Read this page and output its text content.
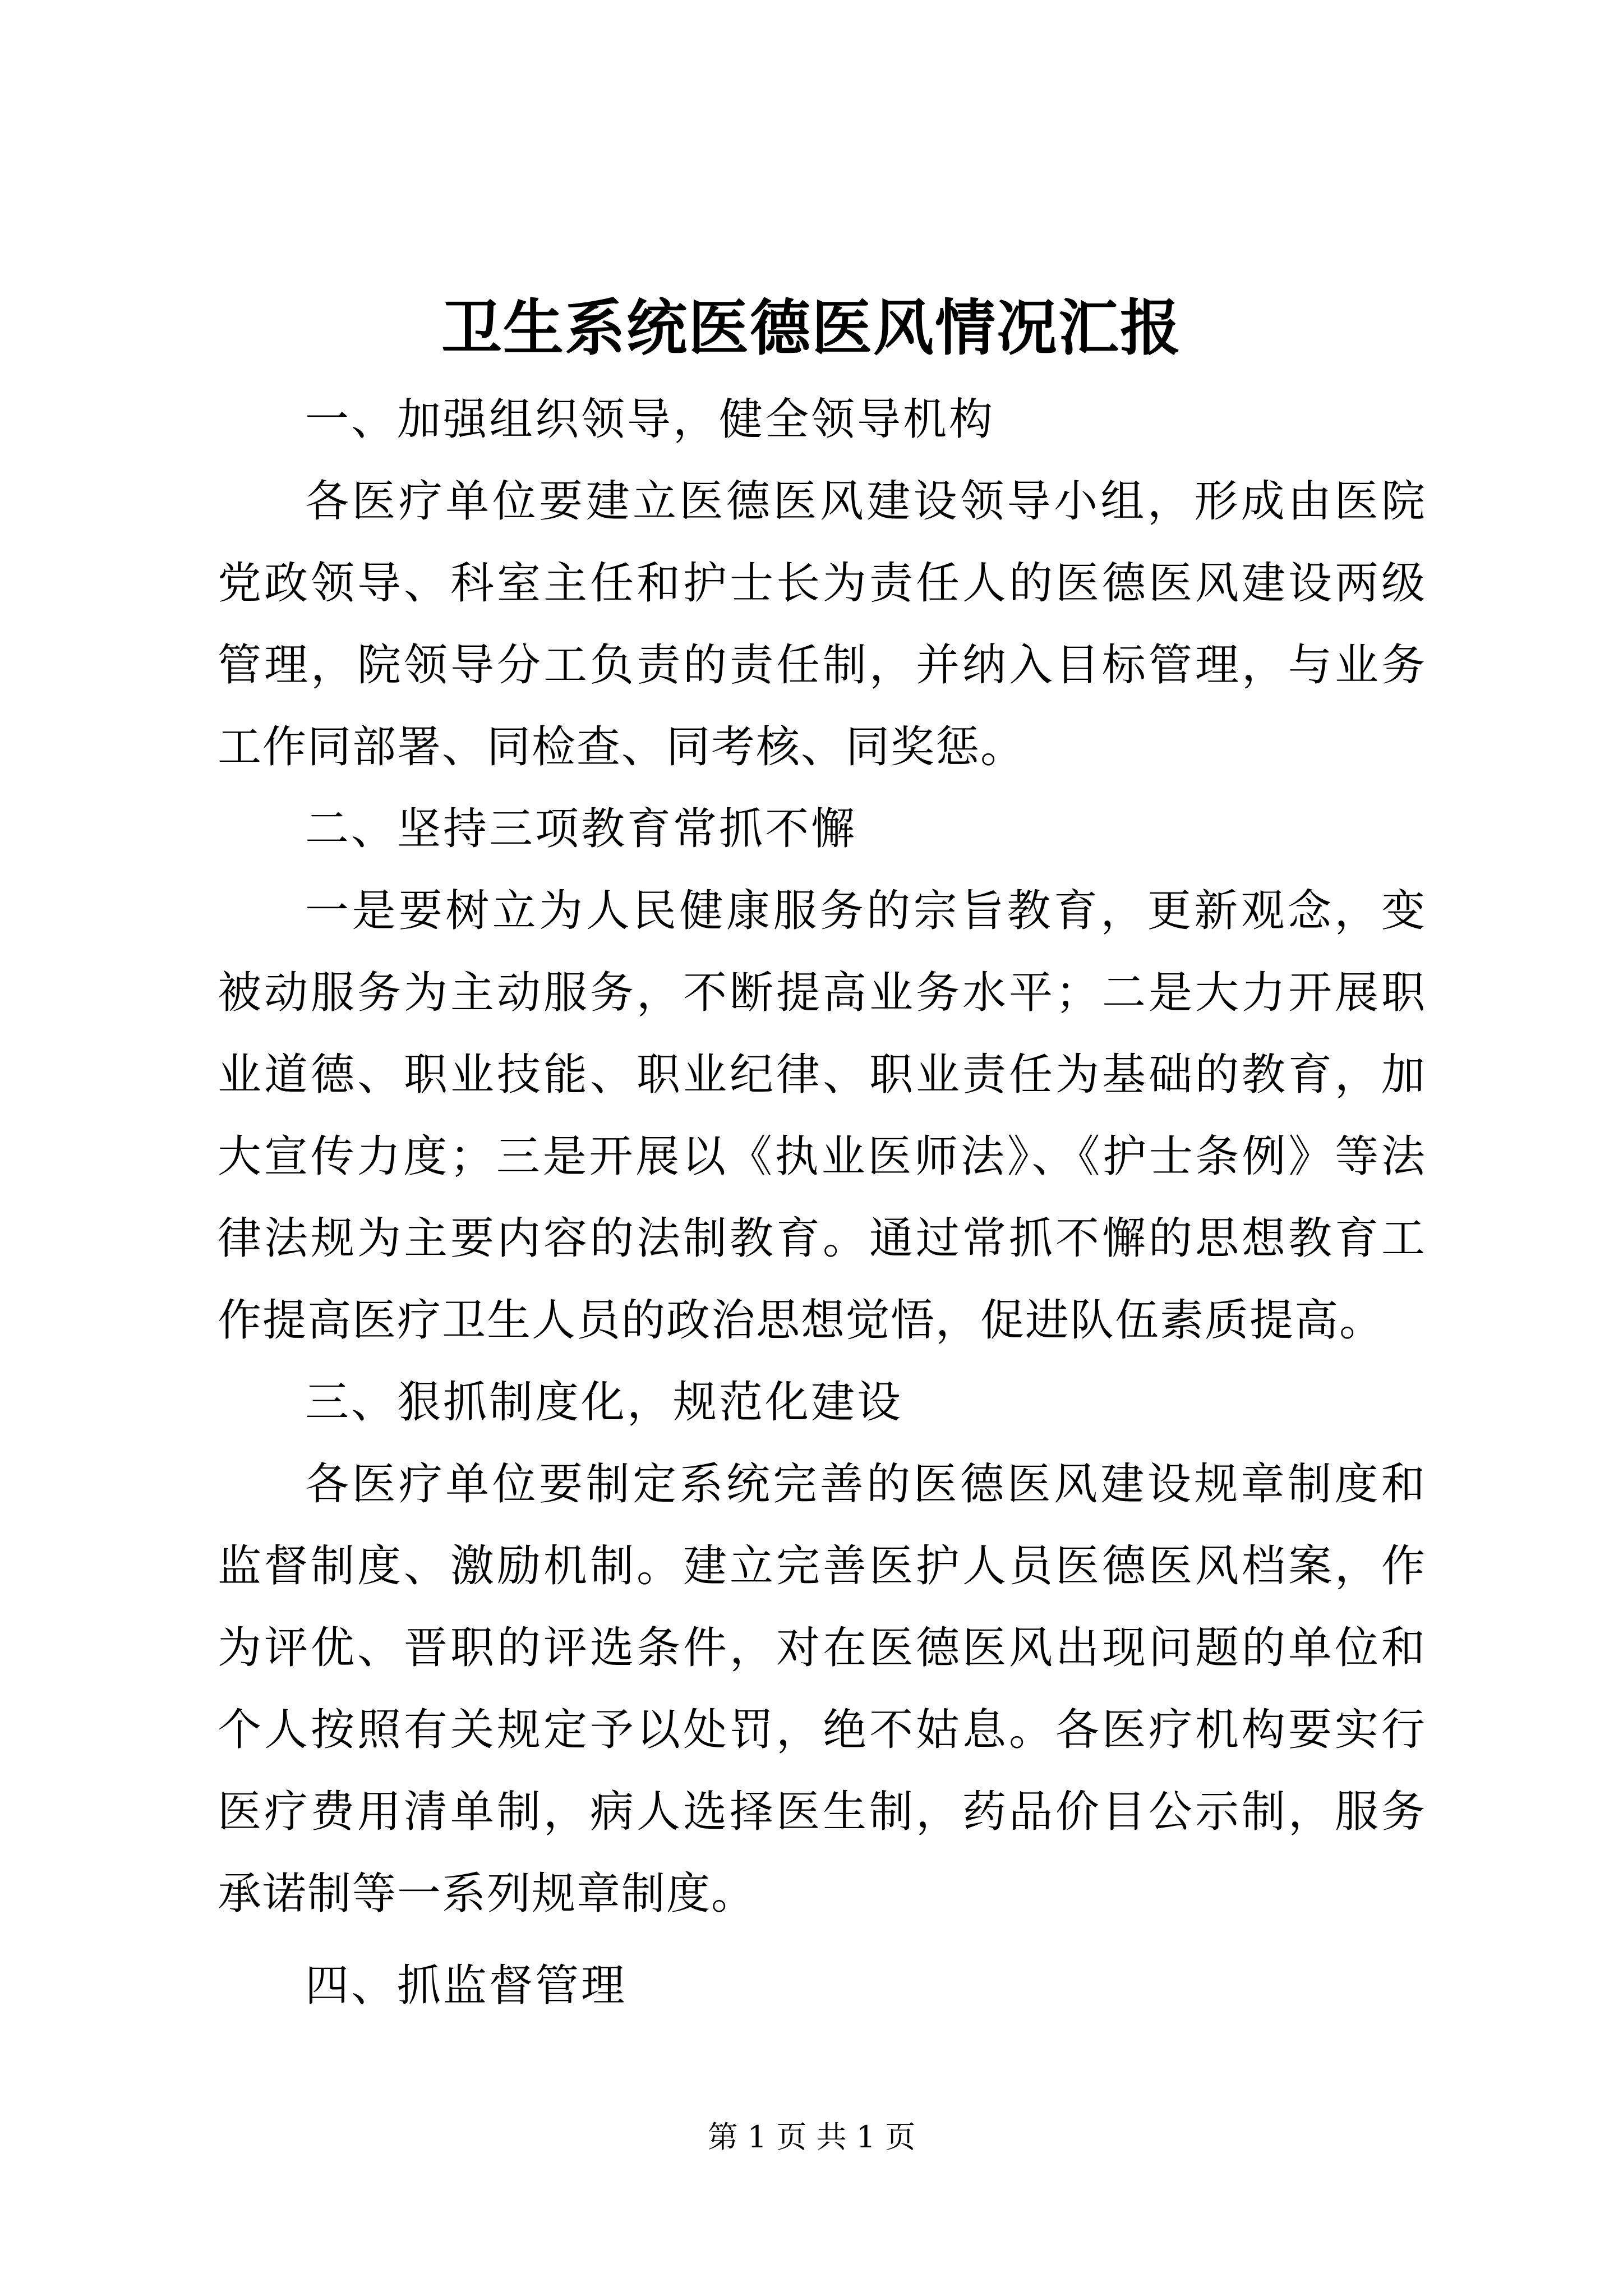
卫生系统医德医风情况汇报

一、加强组织领导，健全领导机构

各医疗单位要建立医德医风建设领导小组，形成由医院党政领导、科室主任和护士长为责任人的医德医风建设两级管理，院领导分工负责的责任制，并纳入目标管理，与业务工作同部署、同检查、同考核、同奖惩。

二、坚持三项教育常抓不懈

一是要树立为人民健康服务的宗旨教育，更新观念，变被动服务为主动服务，不断提高业务水平；二是大力开展职业道德、职业技能、职业纪律、职业责任为基础的教育，加大宣传力度；三是开展以《执业医师法》、《护士条例》等法律法规为主要内容的法制教育。通过常抓不懈的思想教育工作提高医疗卫生人员的政治思想觉悟，促进队伍素质提高。

三、狠抓制度化，规范化建设

各医疗单位要制定系统完善的医德医风建设规章制度和监督制度、激励机制。建立完善医护人员医德医风档案，作为评优、晋职的评选条件，对在医德医风出现问题的单位和个人按照有关规定予以处罚，绝不姑息。各医疗机构要实行医疗费用清单制，病人选择医生制，药品价目公示制，服务承诺制等一系列规章制度。

四、抓监督管理

第 1 页 共 1 页
